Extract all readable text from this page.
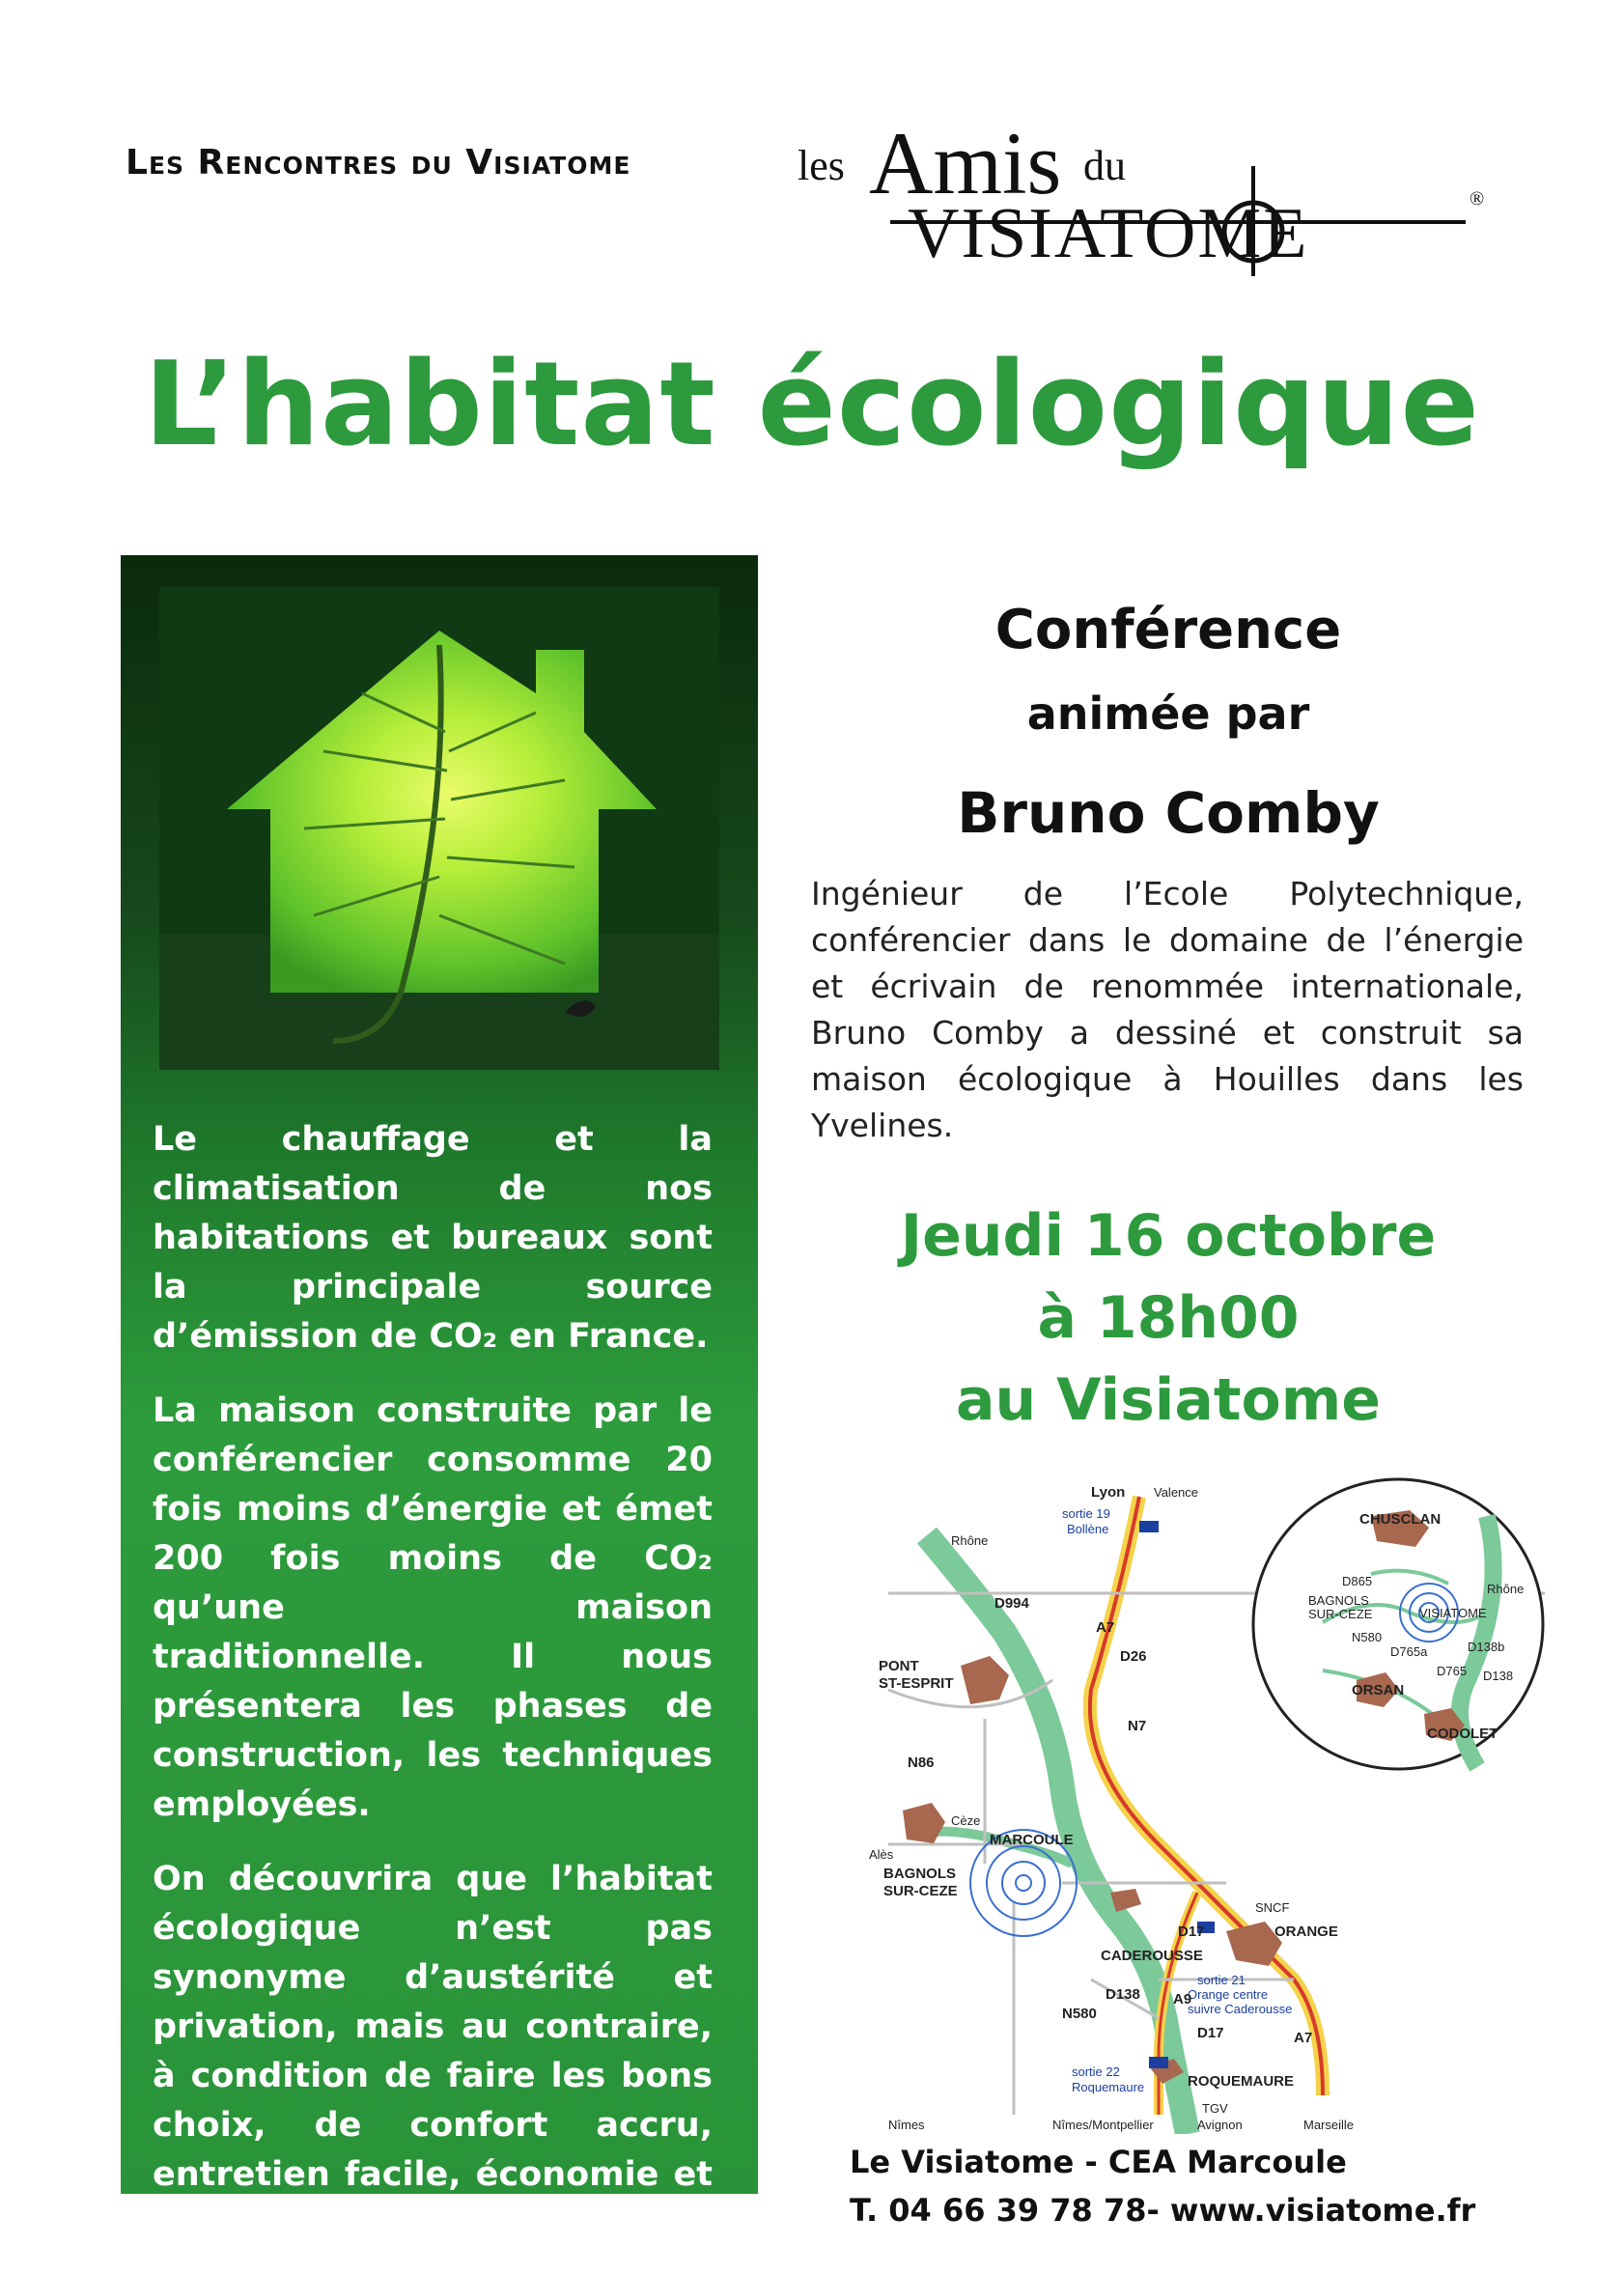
Les Rencontres du Visiatome	les Amis du
VISIATOME	®
L’habitat écologique

Le chauffage et la climatisation de nos habitations et bureaux sont la principale source d’émission de CO₂ en France.

La maison construite par le conférencier consomme 20 fois moins d’énergie et émet 200 fois moins de CO₂ qu’une maison traditionnelle. Il nous présentera les phases de construction, les techniques employées.

On découvrira que l’habitat écologique n’est pas synonyme d’austérité et privation, mais au contraire, à condition de faire les bons choix, de confort accru, entretien facile, économie et meilleure santé.

Conférence
animée par
Bruno Comby
Ingénieur de l’Ecole Polytechnique, conférencier dans le domaine de l’énergie et écrivain de renommée internationale, Bruno Comby a dessiné et construit sa maison écologique à Houilles dans les Yvelines.
Jeudi 16 octobre
à 18h00
au Visiatome
Lyon Valence
sortie 19
Bollène
Rhône
D994
A7
D26
PONT
ST-ESPRIT
N7
N86
Cèze
Alès
MARCOULE
BAGNOLS
SUR-CEZE
SNCF
ORANGE
D17
CADEROUSSE
sortie 21
Orange centre
suivre Caderousse
D138
N580
A9
D17	A7
sortie 22
Roquemaure	ROQUEMAURE
Nîmes	Nîmes/Montpellier	Avignon	Marseille
TGV
CHUSCLAN
BAGNOLS
SUR-CEZE
D865
N580
D765a
VISIATOME
D138b
D765 D138
ORSAN
CODOLET
Rhône
Le Visiatome - CEA Marcoule
T. 04 66 39 78 78- www.visiatome.fr
